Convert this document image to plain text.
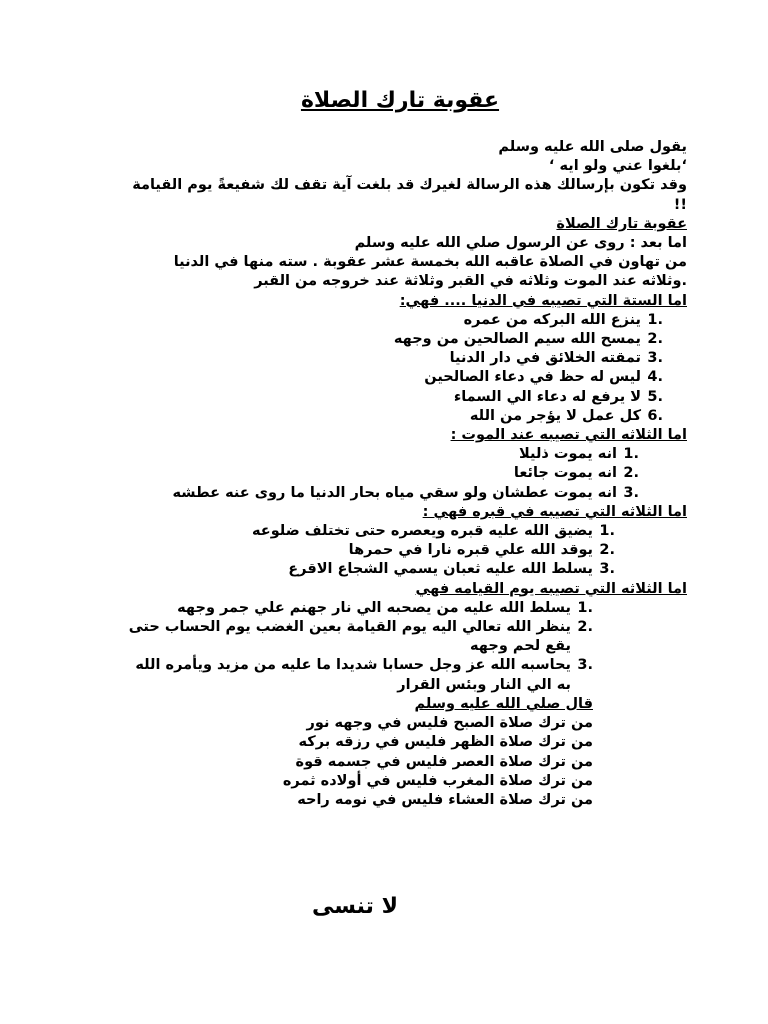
عقوبة تارك الصلاة

يقول صلى الله عليه وسلم

‘بلغوا عني ولو ايه ‘

وقد تكون بإرسالك هذه الرسالة لغيرك قد بلغت آية تقف لك شفيعةً يوم القيامة !!

عقوبة تارك الصلاة

اما بعد : روى عن الرسول صلي الله عليه وسلم

من تهاون في الصلاة عاقبه الله بخمسة عشر عقوبة . سته منها في الدنيا .وثلاثه عند الموت وثلاثه في القبر وثلاثة عند خروجه من القبر

اما الستة التي تصيبه في الدنيا .... فهي:

.1
ينزع الله البركه من عمره
.2
يمسح الله سيم الصالحين من وجهه
.3
تمقته الخلائق في دار الدنيا
.4
ليس له حظ في دعاء الصالحين
.5
لا يرفع له دعاء الي السماء
.6
كل عمل لا يؤجر من الله

اما الثلاثه التي تصيبه عند الموت :

.1
انه يموت ذليلا
.2
انه يموت جائعا
.3
انه يموت عطشان ولو سقي مياه بحار الدنيا ما روى عنه عطشه

اما الثلاثه التي تصيبه في قبره فهي :

.1
يضيق الله عليه قبره ويعصره حتى تختلف ضلوعه
.2
يوقد الله علي قبره نارا في حمرها
.3
يسلط الله عليه ثعبان يسمي الشجاع الاقرع

اما الثلاثه التي تصيبه يوم القيامه فهي

.1
يسلط الله عليه من يصحبه الي نار جهنم علي جمر وجهه
.2
ينظر الله تعالي اليه يوم القيامة بعين الغضب يوم الحساب حتى يقع لحم وجهه
.3
يحاسبه الله عز وجل حسابا شديدا ما عليه من مزيد ويأمره الله به الي النار وبئس القرار

قال صلي الله عليه وسلم

من ترك صلاة الصبح فليس في وجهه نور

من ترك صلاة الظهر فليس في رزقه بركه

من ترك صلاة العصر فليس في جسمه قوة

من ترك صلاة المغرب فليس في أولاده ثمره

من ترك صلاة العشاء فليس في نومه راحه

لا تنسى
